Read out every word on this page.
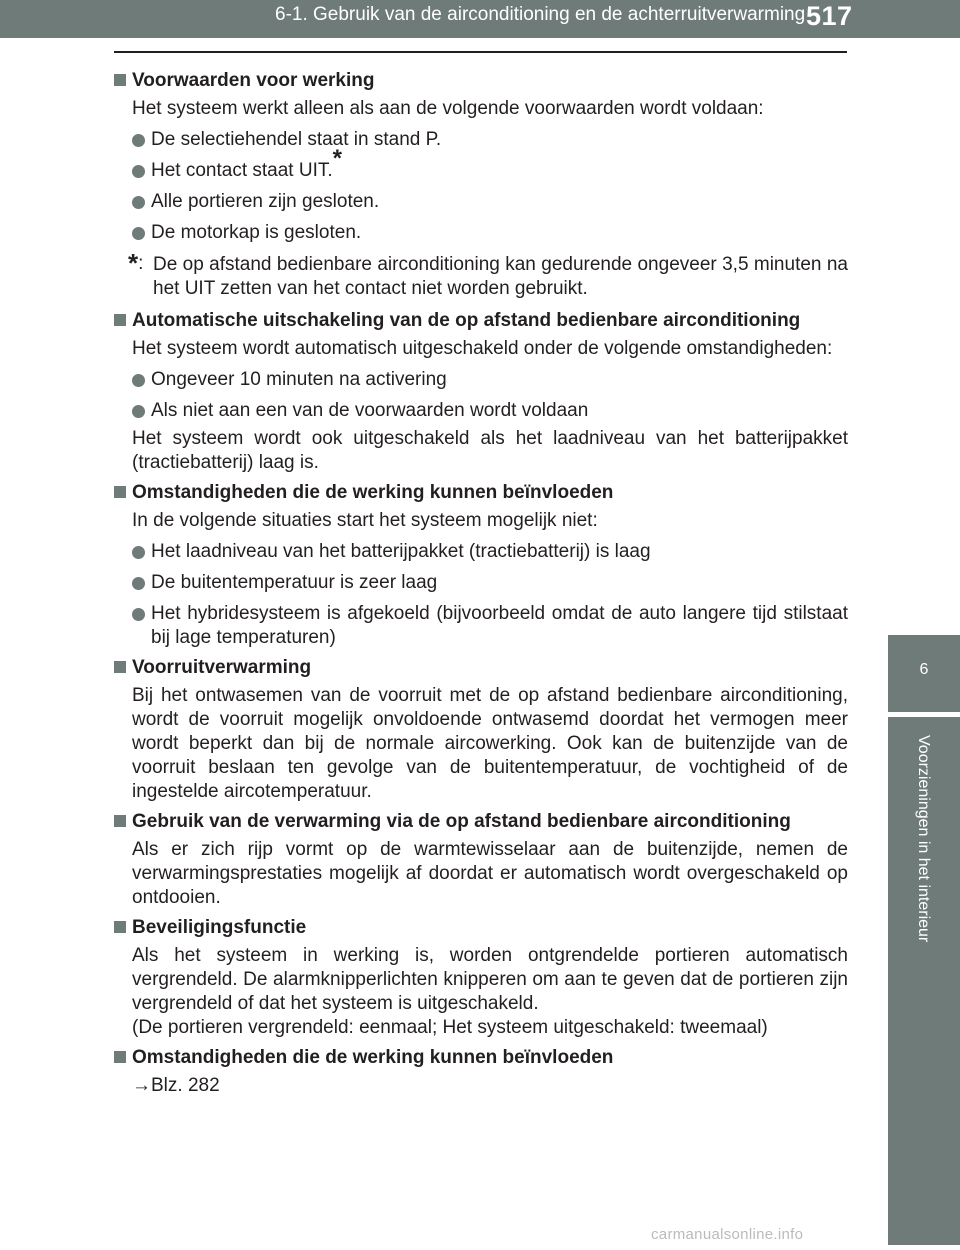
6-1. Gebruik van de airconditioning en de achterruitverwarming 517
6
Voorzieningen in het interieur
Voorwaarden voor werking
Het systeem werkt alleen als aan de volgende voorwaarden wordt voldaan:
De selectiehendel staat in stand P.
Het contact staat UIT.*
Alle portieren zijn gesloten.
De motorkap is gesloten.
*: De op afstand bedienbare airconditioning kan gedurende ongeveer 3,5 minuten na het UIT zetten van het contact niet worden gebruikt.
Automatische uitschakeling van de op afstand bedienbare airconditioning
Het systeem wordt automatisch uitgeschakeld onder de volgende omstandigheden:
Ongeveer 10 minuten na activering
Als niet aan een van de voorwaarden wordt voldaan
Het systeem wordt ook uitgeschakeld als het laadniveau van het batterijpakket (tractiebatterij) laag is.
Omstandigheden die de werking kunnen beïnvloeden
In de volgende situaties start het systeem mogelijk niet:
Het laadniveau van het batterijpakket (tractiebatterij) is laag
De buitentemperatuur is zeer laag
Het hybridesysteem is afgekoeld (bijvoorbeeld omdat de auto langere tijd stilstaat bij lage temperaturen)
Voorruitverwarming
Bij het ontwasemen van de voorruit met de op afstand bedienbare airconditioning, wordt de voorruit mogelijk onvoldoende ontwasemd doordat het vermogen meer wordt beperkt dan bij de normale aircowerking. Ook kan de buitenzijde van de voorruit beslaan ten gevolge van de buitentemperatuur, de vochtigheid of de ingestelde aircotemperatuur.
Gebruik van de verwarming via de op afstand bedienbare airconditioning
Als er zich rijp vormt op de warmtewisselaar aan de buitenzijde, nemen de verwarmingsprestaties mogelijk af doordat er automatisch wordt overgeschakeld op ontdooien.
Beveiligingsfunctie
Als het systeem in werking is, worden ontgrendelde portieren automatisch vergrendeld. De alarmknipperlichten knipperen om aan te geven dat de portieren zijn vergrendeld of dat het systeem is uitgeschakeld.
(De portieren vergrendeld: eenmaal; Het systeem uitgeschakeld: tweemaal)
Omstandigheden die de werking kunnen beïnvloeden
→Blz. 282
carmanualsonline.info
